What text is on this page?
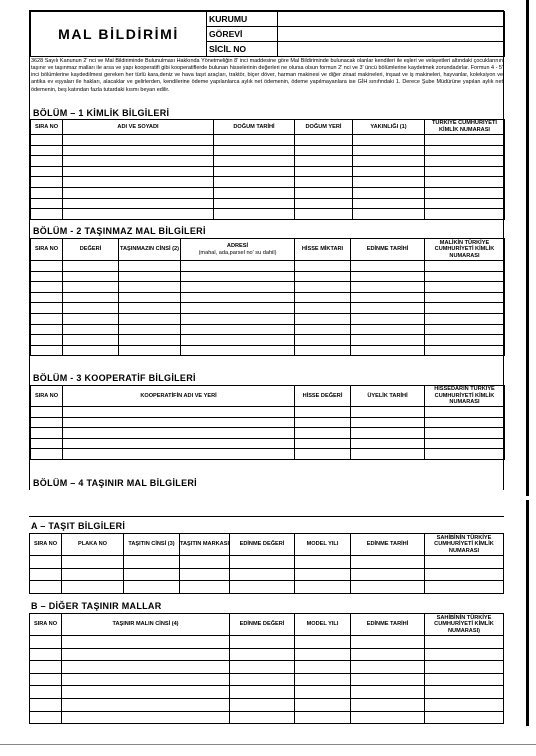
MAL BİLDİRİMİ	KURUMU	
	GÖREVİ	
	SİCİL NO	
3628 Sayılı Kanunun 2' nci ve Mal Bildiriminde Bulunulması Hakkında Yönetmeliğin 8' inci maddesine göre Mal Bildiriminde bulunacak olanlar kendileri ile eşleri ve velayetleri altındaki çocuklarının taşınır ve taşınmaz malları ile arsa ve yapı kooperatifi gibi kooperatiflerde bulunan hisselerinin değerleri ne olursa olsun formun 2' nci ve 3' üncü bölümlerine kaydetmek zorundadırlar. Formun 4 - 5' inci bölümlerine kaydedilmesi gereken her türlü kara,deniz ve hava taşıt araçları, traktör, biçer döver, harman makinesi ve diğer ziraat makineleri, inşaat ve iş makineleri, hayvanlar, koleksiyon ve antika ev eşyaları ile hakları, alacaklar ve gelirlerden, kendilerine ödeme yapılanlarca aylık net ödemenin, ödeme yapılmayanlara ise GİH sınıfındaki 1. Derece Şube Müdürüne yapılan aylık net ödemenin, beş katından fazla tutardaki kısmı beyan edilir.
BÖLÜM – 1 KİMLİK BİLGİLERİ
SIRA NO	ADI VE SOYADI	DOĞUM TARİHİ	DOĞUM YERİ	YAKINLIĞI (1)	TÜRKİYE CUMHURİYETİ KİMLİK NUMARASI

BÖLÜM - 2 TAŞINMAZ MAL BİLGİLERİ
SIRA NO	DEĞERİ	TAŞINMAZIN CİNSİ (2)	ADRESİ
(mahal, ada,parsel no' su dahil)	HİSSE MİKTARI	EDİNME TARİHİ	MALİKİN TÜRKİYE CUMHURİYETİ KİMLİK NUMARASI

BÖLÜM - 3 KOOPERATİF BİLGİLERİ
SIRA NO	KOOPERATİFİN ADI VE YERİ	HİSSE DEĞERİ	ÜYELİK TARİHİ	HİSSEDARIN TÜRKİYE CUMHURİYETİ KİMLİK NUMARASI

BÖLÜM – 4 TAŞINIR MAL BİLGİLERİ
A – TAŞIT BİLGİLERİ
SIRA NO	PLAKA NO	TAŞITIN CİNSİ (3)	TAŞITIN MARKASI	EDİNME DEĞERİ	MODEL YILI	EDİNME TARİHİ	SAHİBİNİN TÜRKİYE CUMHURİYETİ KİMLİK NUMARASI

B – DİĞER TAŞINIR MALLAR
SIRA NO	TAŞINIR MALIN CİNSİ (4)	EDİNME DEĞERİ	MODEL YILI	EDİNME TARİHİ	SAHİBİNİN TÜRKİYE CUMHURİYETİ KİMLİK NUMARASI)
